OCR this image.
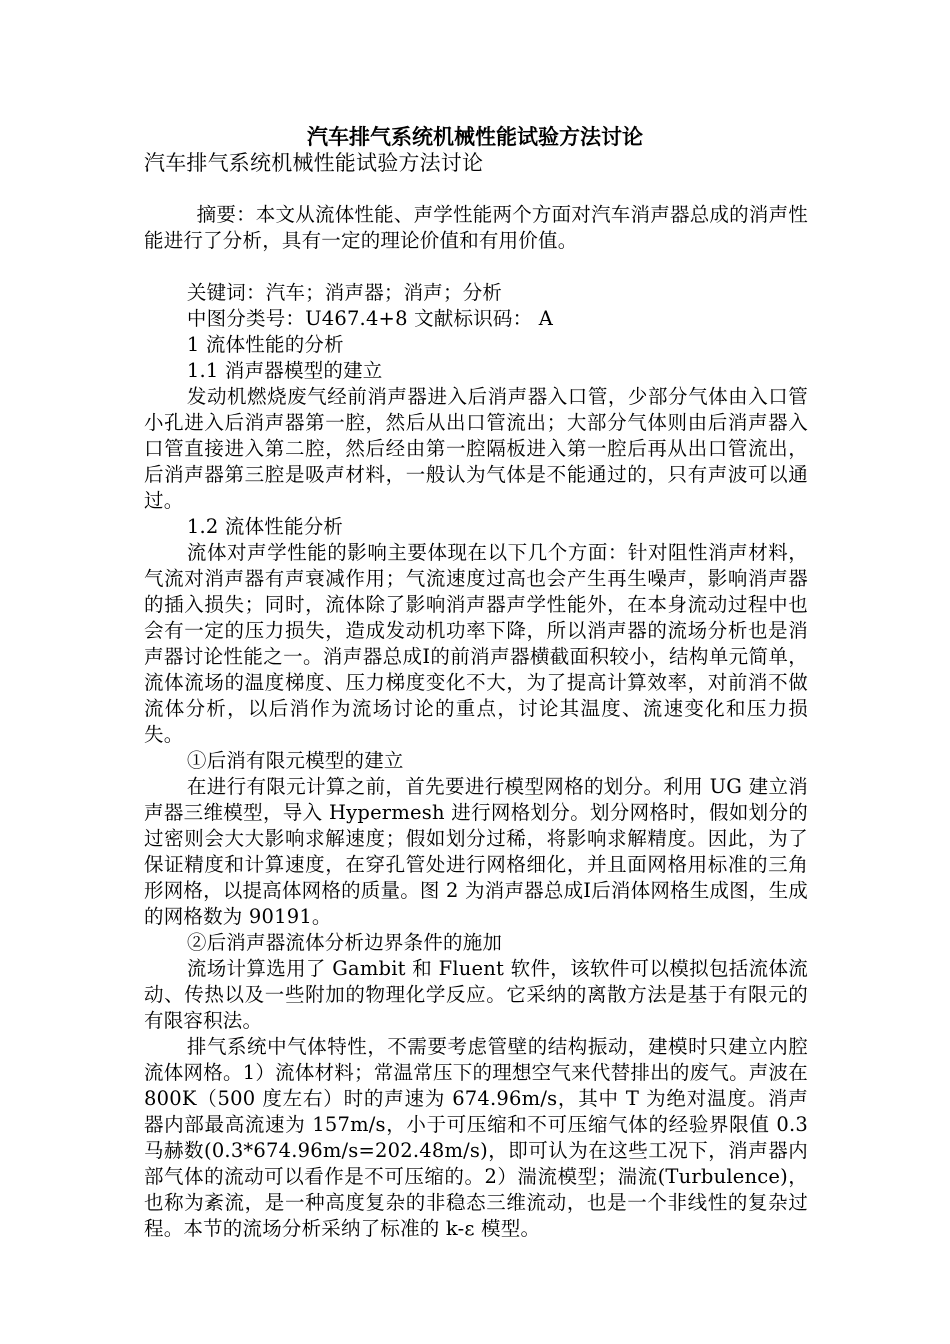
汽车排气系统机械性能试验方法讨论
汽车排气系统机械性能试验方法讨论

摘要：本文从流体性能、声学性能两个方面对汽车消声器总成的消声性能进行了分析，具有一定的理论价值和有用价值。

关键词：汽车；消声器；消声；分析
中图分类号：U467.4+8 文献标识码： A
1 流体性能的分析
1.1 消声器模型的建立

发动机燃烧废气经前消声器进入后消声器入口管，少部分气体由入口管小孔进入后消声器第一腔，然后从出口管流出；大部分气体则由后消声器入口管直接进入第二腔，然后经由第一腔隔板进入第一腔后再从出口管流出，后消声器第三腔是吸声材料，一般认为气体是不能通过的，只有声波可以通过。

1.2 流体性能分析

流体对声学性能的影响主要体现在以下几个方面：针对阻性消声材料，气流对消声器有声衰减作用；气流速度过高也会产生再生噪声，影响消声器的插入损失；同时，流体除了影响消声器声学性能外，在本身流动过程中也会有一定的压力损失，造成发动机功率下降，所以消声器的流场分析也是消声器讨论性能之一。消声器总成Ⅰ的前消声器横截面积较小，结构单元简单，流体流场的温度梯度、压力梯度变化不大，为了提高计算效率，对前消不做流体分析，以后消作为流场讨论的重点，讨论其温度、流速变化和压力损失。

①后消有限元模型的建立

在进行有限元计算之前，首先要进行模型网格的划分。利用 UG 建立消声器三维模型，导入 Hypermesh 进行网格划分。划分网格时，假如划分的过密则会大大影响求解速度；假如划分过稀，将影响求解精度。因此，为了保证精度和计算速度，在穿孔管处进行网格细化，并且面网格用标准的三角形网格，以提高体网格的质量。图 2 为消声器总成Ⅰ后消体网格生成图，生成的网格数为 90191。

②后消声器流体分析边界条件的施加

流场计算选用了 Gambit 和 Fluent 软件，该软件可以模拟包括流体流动、传热以及一些附加的物理化学反应。它采纳的离散方法是基于有限元的有限容积法。

排气系统中气体特性，不需要考虑管壁的结构振动，建模时只建立内腔流体网格。1）流体材料；常温常压下的理想空气来代替排出的废气。声波在 800K（500 度左右）时的声速为 674.96m/s，其中 T 为绝对温度。消声器内部最高流速为 157m/s，小于可压缩和不可压缩气体的经验界限值 0.3 马赫数(0.3*674.96m/s=202.48m/s)，即可认为在这些工况下，消声器内部气体的流动可以看作是不可压缩的。2）湍流模型；湍流(Turbulence)，也称为紊流，是一种高度复杂的非稳态三维流动，也是一个非线性的复杂过程。本节的流场分析采纳了标准的 k-ε 模型。
